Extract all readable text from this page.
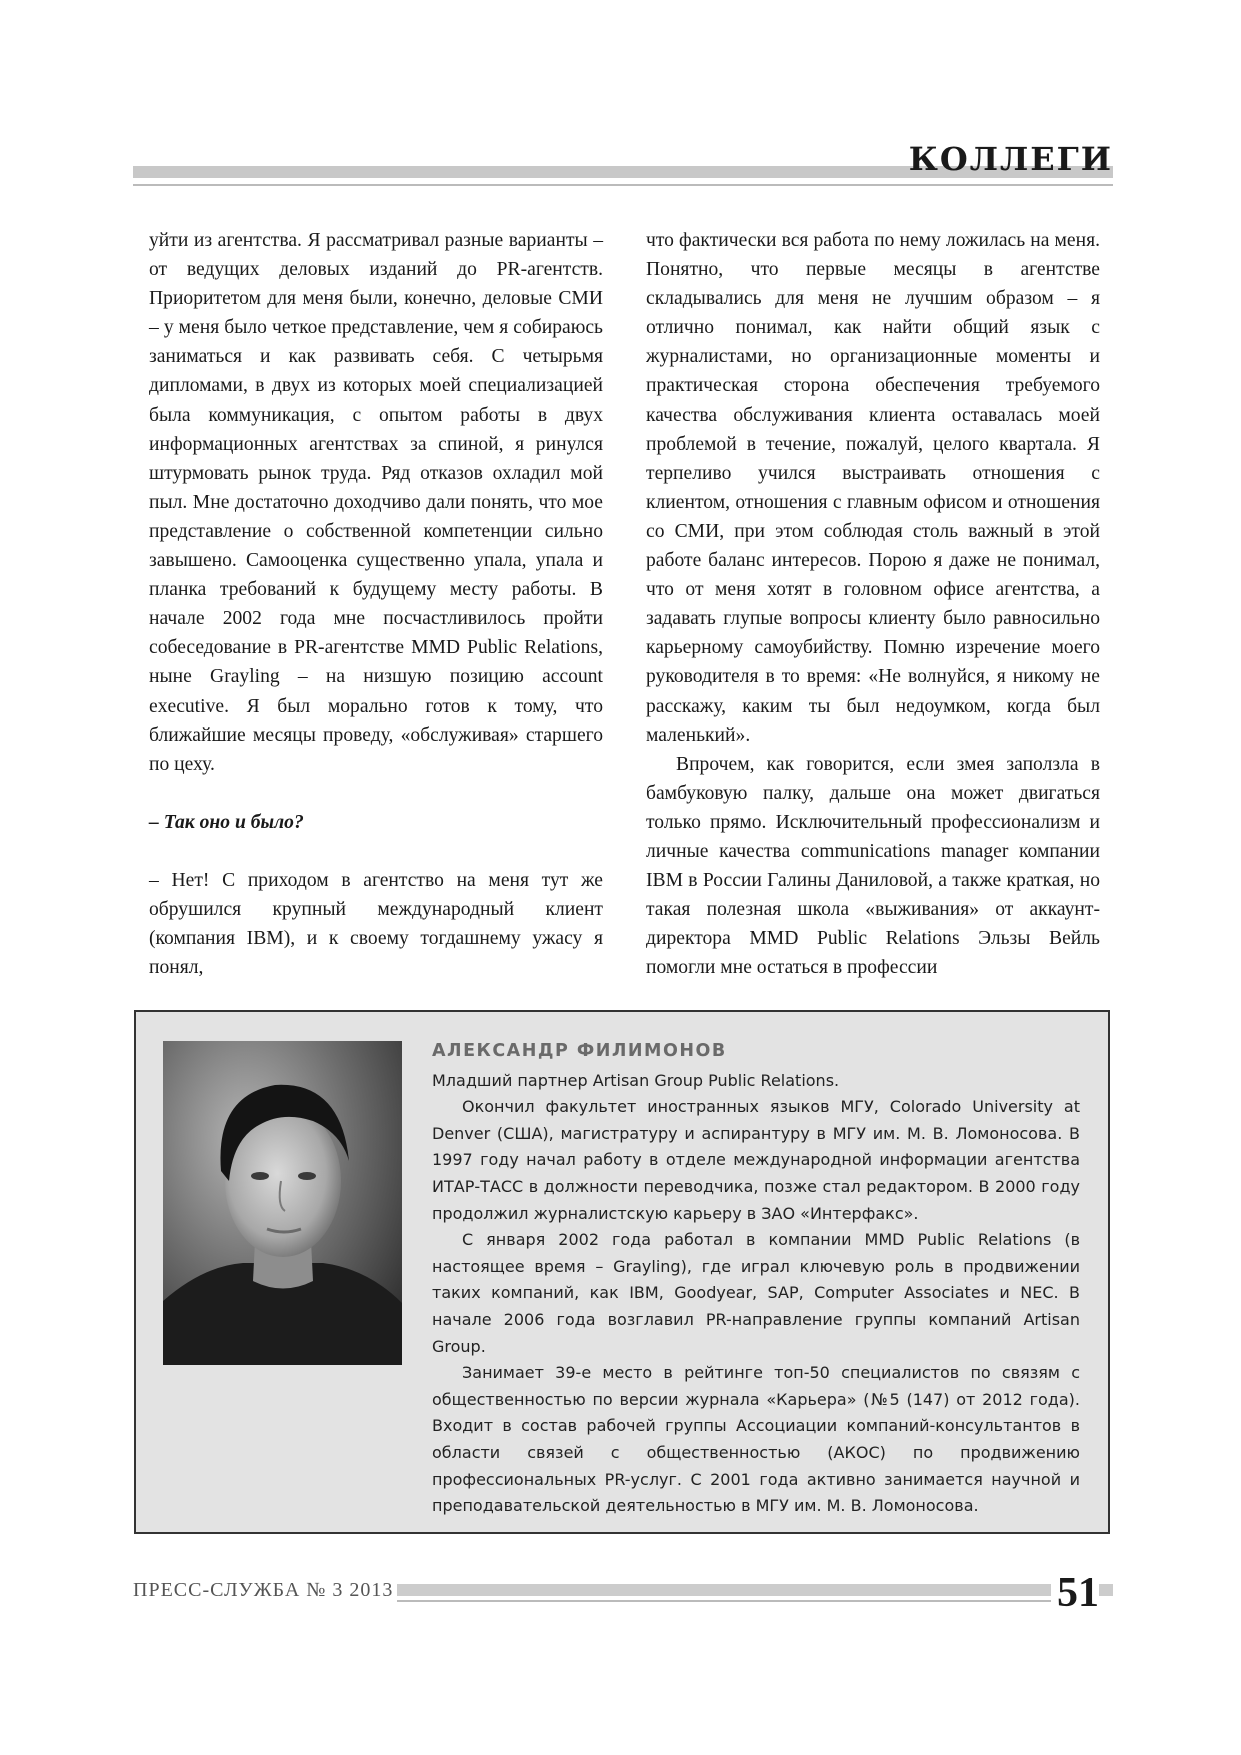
КОЛЛЕГИ

уйти из агентства. Я рассматривал разные варианты – от ведущих деловых изданий до PR-агентств. Приоритетом для меня были, конечно, деловые СМИ – у меня было четкое представление, чем я собираюсь заниматься и как развивать себя. С четырьмя дипломами, в двух из которых моей специализацией была коммуникация, с опытом работы в двух информационных агентствах за спиной, я ринулся штурмовать рынок труда. Ряд отказов охладил мой пыл. Мне достаточно доходчиво дали понять, что мое представление о собственной компетенции сильно завышено. Самооценка существенно упала, упала и планка требований к будущему месту работы. В начале 2002 года мне посчастливилось пройти собеседование в PR-агентстве MMD Public Relations, ныне Grayling – на низшую позицию account executive. Я был морально готов к тому, что ближайшие месяцы проведу, «обслуживая» старшего по цеху.

– Так оно и было?

– Нет! С приходом в агентство на меня тут же обрушился крупный международный клиент (компания IBM), и к своему тогдашнему ужасу я понял,

что фактически вся работа по нему ложилась на меня. Понятно, что первые месяцы в агентстве складывались для меня не лучшим образом – я отлично понимал, как найти общий язык с журналистами, но организационные моменты и практическая сторона обеспечения требуемого качества обслуживания клиента оставалась моей проблемой в течение, пожалуй, целого квартала. Я терпеливо учился выстраивать отношения с клиентом, отношения с главным офисом и отношения со СМИ, при этом соблюдая столь важный в этой работе баланс интересов. Порою я даже не понимал, что от меня хотят в головном офисе агентства, а задавать глупые вопросы клиенту было равносильно карьерному самоубийству. Помню изречение моего руководителя в то время: «Не волнуйся, я никому не расскажу, каким ты был недоумком, когда был маленький».

Впрочем, как говорится, если змея заползла в бамбуковую палку, дальше она может двигаться только прямо. Исключительный профессионализм и личные качества communications manager компании IBM в России Галины Даниловой, а также краткая, но такая полезная школа «выживания» от аккаунт-директора MMD Public Relations Эльзы Вейль помогли мне остаться в профессии

АЛЕКСАНДР ФИЛИМОНОВ

Младший партнер Artisan Group Public Relations.

Окончил факультет иностранных языков МГУ, Colorado University at Denver (США), магистратуру и аспирантуру в МГУ им. М. В. Ломоносова. В 1997 году начал работу в отделе международной информации агентства ИТАР-ТАСС в должности переводчика, позже стал редактором. В 2000 году продолжил журналистскую карьеру в ЗАО «Интерфакс».

С января 2002 года работал в компании MMD Public Relations (в настоящее время – Grayling), где играл ключевую роль в продвижении таких компаний, как IBM, Goodyear, SAP, Computer Associates и NEC. В начале 2006 года возглавил PR-направление группы компаний Artisan Group.

Занимает 39-е место в рейтинге топ-50 специалистов по связям с общественностью по версии журнала «Карьера» (№5 (147) от 2012 года). Входит в состав рабочей группы Ассоциации компаний-консультантов в области связей с общественностью (АКОС) по продвижению профессиональных PR-услуг. С 2001 года активно занимается научной и преподавательской деятельностью в МГУ им. М. В. Ломоносова.

ПРЕСС-СЛУЖБА № 3 2013	51
